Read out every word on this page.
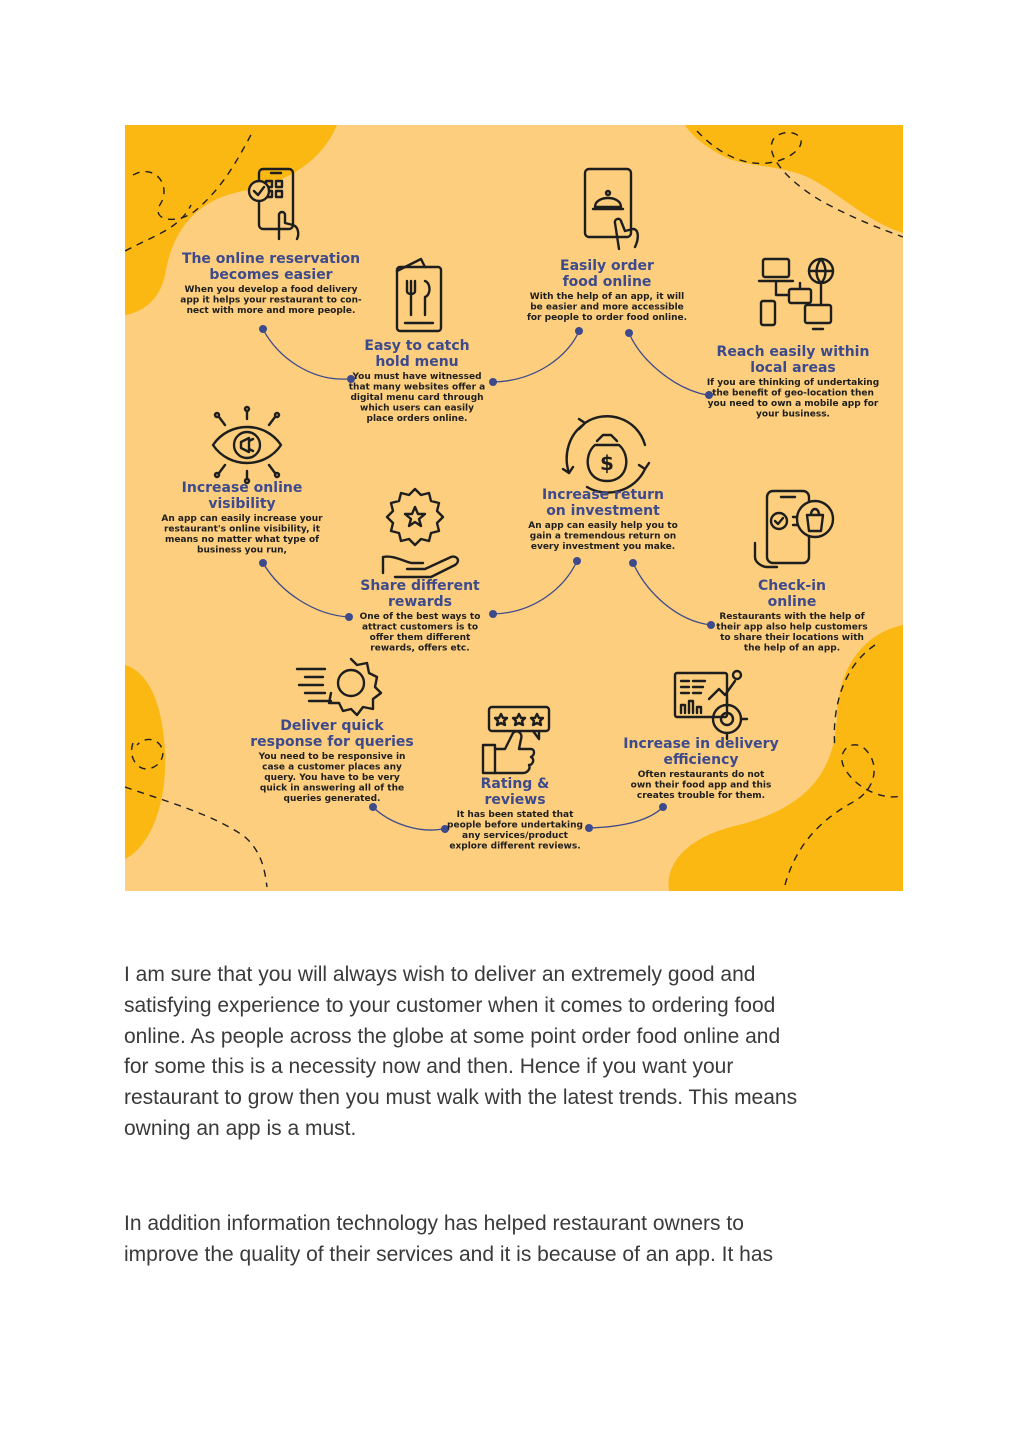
$
The online reservation
becomes easier
When you develop a food delivery
app it helps your restaurant to con-
nect with more and more people.
Easy to catch
hold menu
You must have witnessed
that many websites offer a
digital menu card through
which users can easily
place orders online.
Easily order
food online
With the help of an app, it will
be easier and more accessible
for people to order food online.
Reach easily within
local areas
If you are thinking of undertaking
the benefit of geo-location then
you need to own a mobile app for
your business.
Increase online
visibility
An app can easily increase your
restaurant's online visibility, it
means no matter what type of
business you run,
Share different
rewards
One of the best ways to
attract customers is to
offer them different
rewards, offers etc.
Increase return
on investment
An app can easily help you to
gain a tremendous return on
every investment you make.
Check-in
online
Restaurants with the help of
their app also help customers
to share their locations with
the help of an app.
Deliver quick
response for queries
You need to be responsive in
case a customer places any
query. You have to be very
quick in answering all of the
queries generated.
Rating &
reviews
It has been stated that
people before undertaking
any services/product
explore different reviews.
Increase in delivery
efficiency
Often restaurants do not
own their food app and this
creates trouble for them.
I am sure that you will always wish to deliver an extremely good and
satisfying experience to your customer when it comes to ordering food
online. As people across the globe at some point order food online and
for some this is a necessity now and then. Hence if you want your
restaurant to grow then you must walk with the latest trends. This means
owning an app is a must.
In addition information technology has helped restaurant owners to
improve the quality of their services and it is because of an app. It has
